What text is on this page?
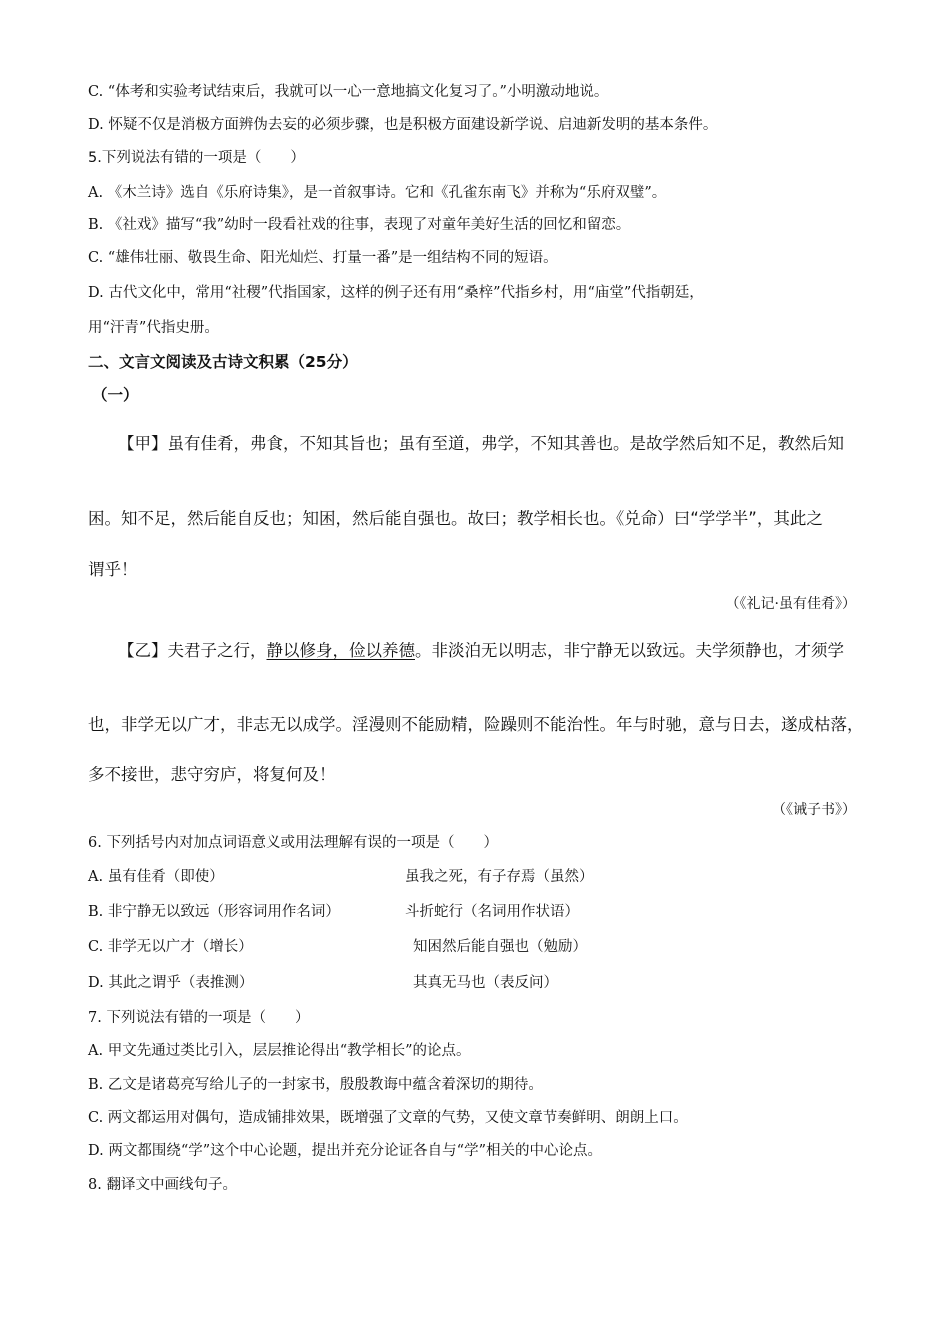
C. “体考和实验考试结束后，我就可以一心一意地搞文化复习了。”小明激动地说。
D. 怀疑不仅是消极方面辨伪去妄的必须步骤，也是积极方面建设新学说、启迪新发明的基本条件。
5.下列说法有错的一项是（　　）
A. 《木兰诗》选自《乐府诗集》，是一首叙事诗。它和《孔雀东南飞》并称为“乐府双璧”。
B. 《社戏》描写“我”幼时一段看社戏的往事，表现了对童年美好生活的回忆和留恋。
C. “雄伟壮丽、敬畏生命、阳光灿烂、打量一番”是一组结构不同的短语。
D. 古代文化中，常用“社稷”代指国家，这样的例子还有用“桑梓”代指乡村，用“庙堂”代指朝廷，
用“汗青”代指史册。
二、文言文阅读及古诗文积累（25分）
（一）
【甲】虽有佳肴，弗食，不知其旨也；虽有至道，弗学，不知其善也。是故学然后知不足，教然后知
困。知不足，然后能自反也；知困，然后能自强也。故曰；教学相长也。《兑命）曰“学学半”，其此之
谓乎！
（《礼记·虽有佳肴》）
【乙】夫君子之行，静以修身，俭以养德。非淡泊无以明志，非宁静无以致远。夫学须静也，才须学
也，非学无以广才，非志无以成学。淫漫则不能励精，险躁则不能治性。年与时驰，意与日去，遂成枯落，
多不接世，悲守穷庐，将复何及！
（《诫子书》）
6. 下列括号内对加点词语意义或用法理解有误的一项是（　　）
A. 虽有佳肴（即使）	虽我之死，有子存焉（虽然）
B. 非宁静无以致远（形容词用作名词）	斗折蛇行（名词用作状语）
C. 非学无以广才（增长）	知困然后能自强也（勉励）
D. 其此之谓乎（表推测）	其真无马也（表反问）
7. 下列说法有错的一项是（　　）
A. 甲文先通过类比引入，层层推论得出“教学相长”的论点。
B. 乙文是诸葛亮写给儿子的一封家书，殷殷教诲中蕴含着深切的期待。
C. 两文都运用对偶句，造成铺排效果，既增强了文章的气势，又使文章节奏鲜明、朗朗上口。
D. 两文都围绕“学”这个中心论题，提出并充分论证各自与“学”相关的中心论点。
8. 翻译文中画线句子。
